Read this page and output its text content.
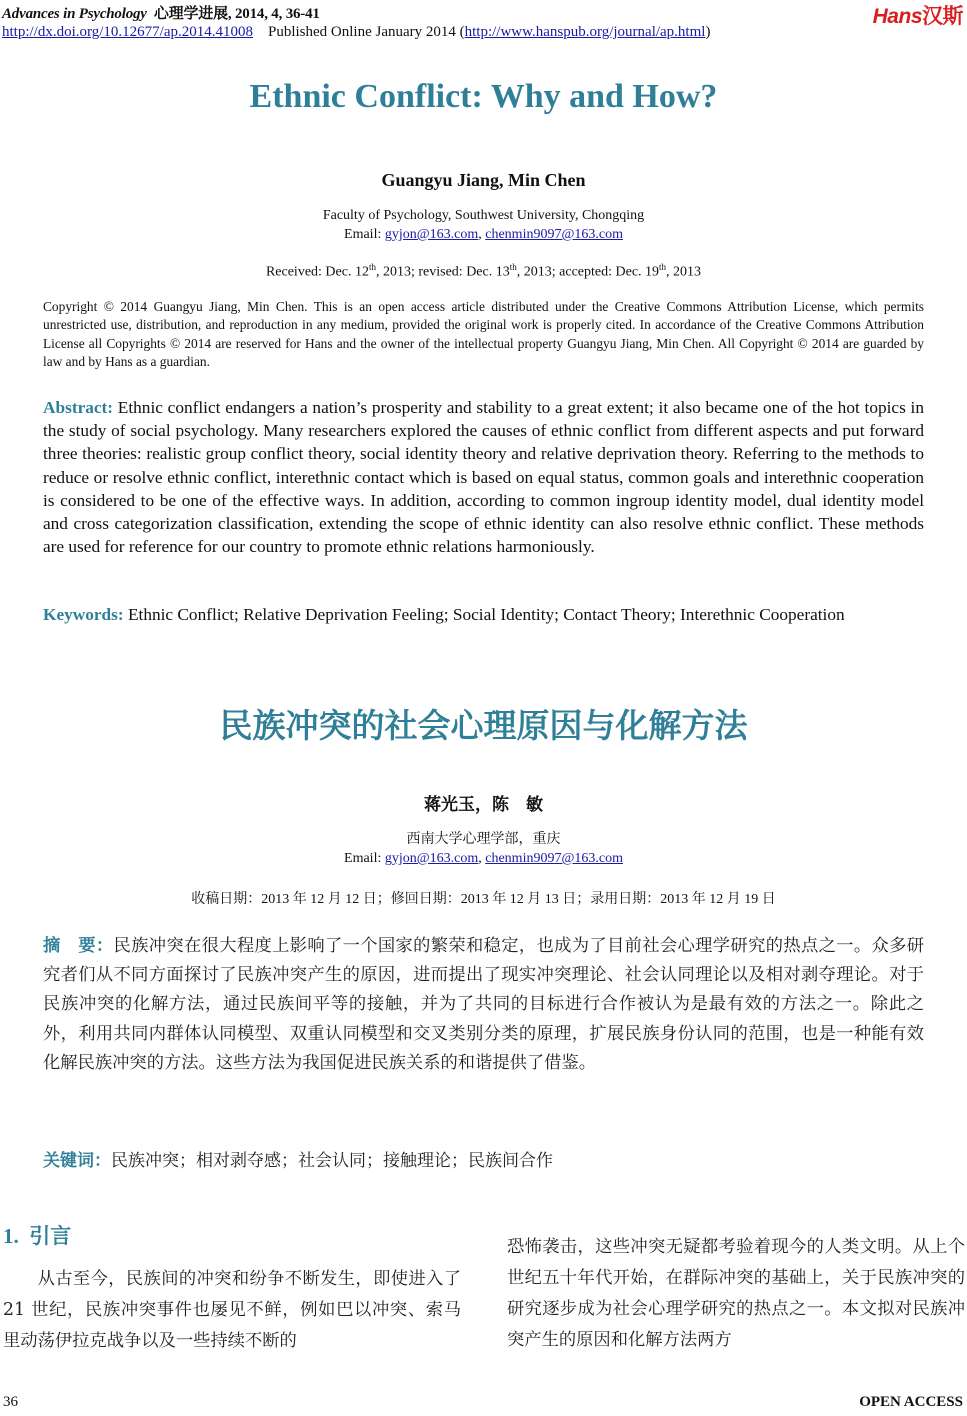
Advances in Psychology 心理学进展, 2014, 4, 36-41
http://dx.doi.org/10.12677/ap.2014.41008 Published Online January 2014 (http://www.hanspub.org/journal/ap.html)
Hans汉斯
Ethnic Conflict: Why and How?
Guangyu Jiang, Min Chen
Faculty of Psychology, Southwest University, Chongqing
Email: gyjon@163.com, chenmin9097@163.com
Received: Dec. 12th, 2013; revised: Dec. 13th, 2013; accepted: Dec. 19th, 2013
Copyright © 2014 Guangyu Jiang, Min Chen. This is an open access article distributed under the Creative Commons Attribution License, which permits unrestricted use, distribution, and reproduction in any medium, provided the original work is properly cited. In accordance of the Creative Commons Attribution License all Copyrights © 2014 are reserved for Hans and the owner of the intellectual property Guangyu Jiang, Min Chen. All Copyright © 2014 are guarded by law and by Hans as a guardian.
Abstract: Ethnic conflict endangers a nation’s prosperity and stability to a great extent; it also became one of the hot topics in the study of social psychology. Many researchers explored the causes of ethnic conflict from different aspects and put forward three theories: realistic group conflict theory, social identity theory and relative deprivation theory. Referring to the methods to reduce or resolve ethnic conflict, interethnic contact which is based on equal status, common goals and interethnic cooperation is considered to be one of the effective ways. In addition, according to common ingroup identity model, dual identity model and cross categorization classification, extending the scope of ethnic identity can also resolve ethnic conflict. These methods are used for reference for our country to promote ethnic relations harmoniously.
Keywords: Ethnic Conflict; Relative Deprivation Feeling; Social Identity; Contact Theory; Interethnic Cooperation
民族冲突的社会心理原因与化解方法
蒋光玉，陈　敏
西南大学心理学部，重庆
Email: gyjon@163.com, chenmin9097@163.com
收稿日期：2013 年 12 月 12 日；修回日期：2013 年 12 月 13 日；录用日期：2013 年 12 月 19 日
摘　要：民族冲突在很大程度上影响了一个国家的繁荣和稳定，也成为了目前社会心理学研究的热点之一。众多研究者们从不同方面探讨了民族冲突产生的原因，进而提出了现实冲突理论、社会认同理论以及相对剥夺理论。对于民族冲突的化解方法，通过民族间平等的接触，并为了共同的目标进行合作被认为是最有效的方法之一。除此之外，利用共同内群体认同模型、双重认同模型和交叉类别分类的原理，扩展民族身份认同的范围，也是一种能有效化解民族冲突的方法。这些方法为我国促进民族关系的和谐提供了借鉴。
关键词：民族冲突；相对剥夺感；社会认同；接触理论；民族间合作
1. 引言

从古至今，民族间的冲突和纷争不断发生，即使进入了 21 世纪，民族冲突事件也屡见不鲜，例如巴以冲突、索马里动荡伊拉克战争以及一些持续不断的

恐怖袭击，这些冲突无疑都考验着现今的人类文明。从上个世纪五十年代开始，在群际冲突的基础上，关于民族冲突的研究逐步成为社会心理学研究的热点之一。本文拟对民族冲突产生的原因和化解方法两方

36	OPEN ACCESS
